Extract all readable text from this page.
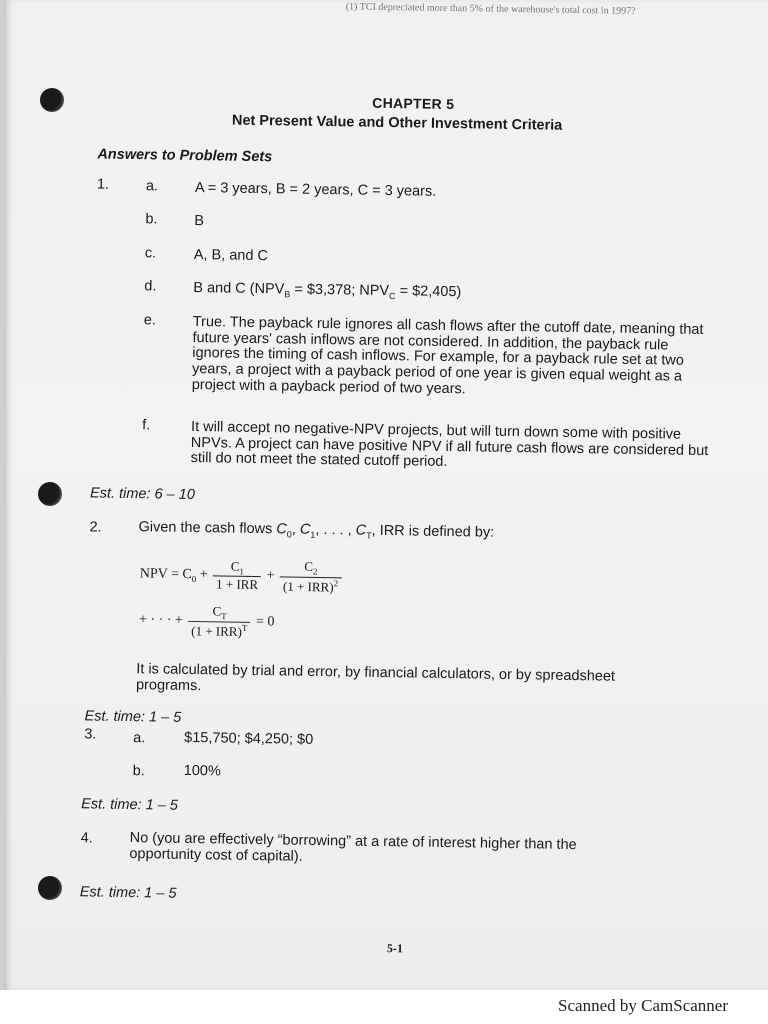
(1) TCI depreciated more than 5% of the warehouse's total cost in 1997?
CHAPTER 5
Net Present Value and Other Investment Criteria
Answers to Problem Sets
1.	a.	A = 3 years, B = 2 years, C = 3 years.
b.	B
c.	A, B, and C
d.	B and C ($NPV_B$ = $3,378; $NPV_C$ = $2,405)
e.	True. The payback rule ignores all cash flows after the cutoff date, meaning that future years' cash inflows are not considered. In addition, the payback rule ignores the timing of cash inflows. For example, for a payback rule set at two years, a project with a payback period of one year is given equal weight as a project with a payback period of two years.
f.	It will accept no negative-NPV projects, but will turn down some with positive NPVs. A project can have positive NPV if all future cash flows are considered but still do not meet the stated cutoff period.
Est. time: 6 – 10
2.	Given the cash flows $C_0$, $C_1$, . . . , $C_T$, IRR is defined by:
NPV = $C_0 + \frac{C_1}{\text{1 + IRR}} + \frac{C_2}{(1 + IRR)^2}$
+ · · · + $\frac{C_T}{(1 + IRR)^T} = 0$
It is calculated by trial and error, by financial calculators, or by spreadsheet programs.
Est. time: 1 – 5
3.	a.	$15,750; $4,250; $0
b.	100%
Est. time: 1 – 5
4.	No (you are effectively “borrowing” at a rate of interest higher than the opportunity cost of capital).
Est. time: 1 – 5
5-1
Scanned by CamScanner
